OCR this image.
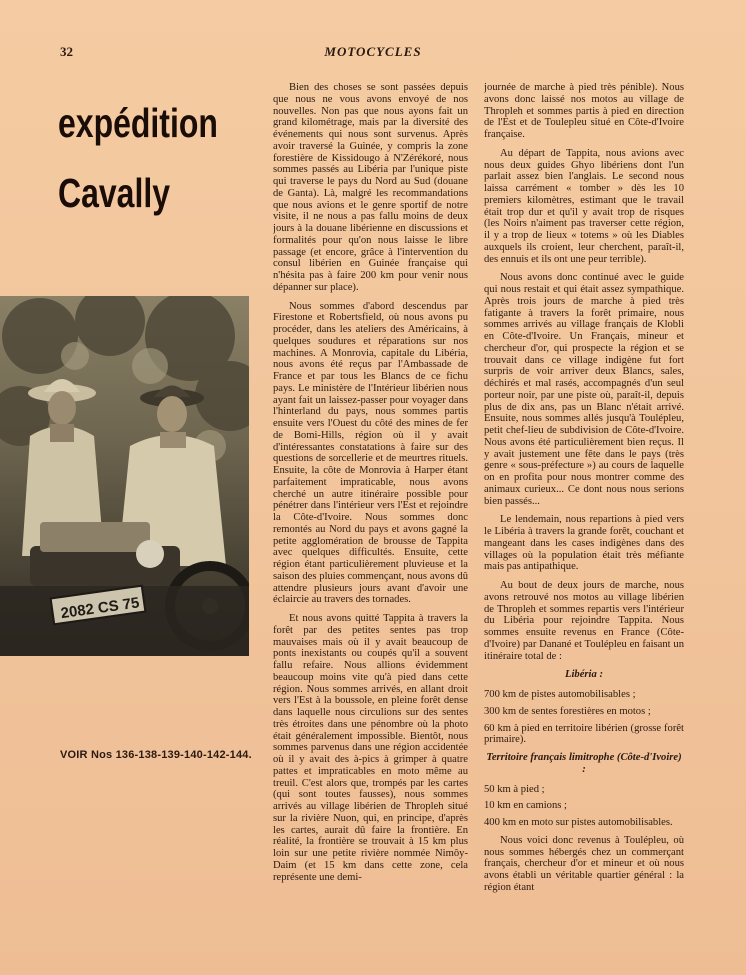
32	MOTOCYCLES
expédition
Cavally
2082 CS 75
VOIR Nos 136-138-139-140-142-144.

Bien des choses se sont passées depuis que nous ne vous avons envoyé de nos nouvelles. Non pas que nous ayons fait un grand kilométrage, mais par la diversité des événements qui nous sont survenus. Après avoir traversé la Guinée, y compris la zone forestière de Kissidougo à N'Zérékoré, nous sommes passés au Libéria par l'unique piste qui traverse le pays du Nord au Sud (douane de Ganta). Là, malgré les recommandations que nous avions et le genre sportif de notre visite, il ne nous a pas fallu moins de deux jours à la douane libérienne en discussions et formalités pour qu'on nous laisse le libre passage (et encore, grâce à l'intervention du consul libérien en Guinée française qui n'hésita pas à faire 200 km pour venir nous dépanner sur place).

Nous sommes d'abord descendus par Firestone et Robertsfield, où nous avons pu procéder, dans les ateliers des Américains, à quelques soudures et réparations sur nos machines. A Monrovia, capitale du Libéria, nous avons été reçus par l'Ambassade de France et par tous les Blancs de ce fichu pays. Le ministère de l'Intérieur libérien nous ayant fait un laissez-passer pour voyager dans l'hinterland du pays, nous sommes partis ensuite vers l'Ouest du côté des mines de fer de Bomi-Hills, région où il y avait d'intéressantes constatations à faire sur des questions de sorcellerie et de meurtres rituels. Ensuite, la côte de Monrovia à Harper étant parfaitement impraticable, nous avons cherché un autre itinéraire possible pour pénétrer dans l'intérieur vers l'Est et rejoindre la Côte-d'Ivoire. Nous sommes donc remontés au Nord du pays et avons gagné la petite agglomération de brousse de Tappita avec quelques difficultés. Ensuite, cette région étant particulièrement pluvieuse et la saison des pluies commençant, nous avons dû attendre plusieurs jours avant d'avoir une éclaircie au travers des tornades.

Et nous avons quitté Tappita à travers la forêt par des petites sentes pas trop mauvaises mais où il y avait beaucoup de ponts inexistants ou coupés qu'il a souvent fallu refaire. Nous allions évidemment beaucoup moins vite qu'à pied dans cette région. Nous sommes arrivés, en allant droit vers l'Est à la boussole, en pleine forêt dense dans laquelle nous circulions sur des sentes très étroites dans une pénombre où la photo était généralement impossible. Bientôt, nous sommes parvenus dans une région accidentée où il y avait des à-pics à grimper à quatre pattes et impraticables en moto même au treuil. C'est alors que, trompés par les cartes (qui sont toutes fausses), nous sommes arrivés au village libérien de Thropleh situé sur la rivière Nuon, qui, en principe, d'après les cartes, aurait dû faire la frontière. En réalité, la frontière se trouvait à 15 km plus loin sur une petite rivière nommée Nimôy-Daim (et 15 km dans cette zone, cela représente une demi-

journée de marche à pied très pénible). Nous avons donc laissé nos motos au village de Thropleh et sommes partis à pied en direction de l'Est et de Toulepleu situé en Côte-d'Ivoire française.

Au départ de Tappita, nous avions avec nous deux guides Ghyo libériens dont l'un parlait assez bien l'anglais. Le second nous laissa carrément « tomber » dès les 10 premiers kilomètres, estimant que le travail était trop dur et qu'il y avait trop de risques (les Noirs n'aiment pas traverser cette région, il y a trop de lieux « totems » où les Diables auxquels ils croient, leur cherchent, paraît-il, des ennuis et ils ont une peur terrible).

Nous avons donc continué avec le guide qui nous restait et qui était assez sympathique. Après trois jours de marche à pied très fatigante à travers la forêt primaire, nous sommes arrivés au village français de Klobli en Côte-d'Ivoire. Un Français, mineur et chercheur d'or, qui prospecte la région et se trouvait dans ce village indigène fut fort surpris de voir arriver deux Blancs, sales, déchirés et mal rasés, accompagnés d'un seul porteur noir, par une piste où, paraît-il, depuis plus de dix ans, pas un Blanc n'était arrivé. Ensuite, nous sommes allés jusqu'à Toulépleu, petit chef-lieu de subdivision de Côte-d'Ivoire. Nous avons été particulièrement bien reçus. Il y avait justement une fête dans le pays (très genre « sous-préfecture ») au cours de laquelle on en profita pour nous montrer comme des animaux curieux... Ce dont nous nous serions bien passés...

Le lendemain, nous repartions à pied vers le Libéria à travers la grande forêt, couchant et mangeant dans les cases indigènes dans des villages où la population était très méfiante mais pas antipathique.

Au bout de deux jours de marche, nous avons retrouvé nos motos au village libérien de Thropleh et sommes repartis vers l'intérieur du Libéria pour rejoindre Tappita. Nous sommes ensuite revenus en France (Côte-d'Ivoire) par Danané et Toulépleu en faisant un itinéraire total de :

Libéria :

700 km de pistes automobilisables ;
300 km de sentes forestières en motos ;
60 km à pied en territoire libérien (grosse forêt primaire).

Territoire français limitrophe (Côte-d'Ivoire) :

50 km à pied ;
10 km en camions ;
400 km en moto sur pistes automobilisables.

Nous voici donc revenus à Toulépleu, où nous sommes hébergés chez un commerçant français, chercheur d'or et mineur et où nous avons établi un véritable quartier général : la région étant
